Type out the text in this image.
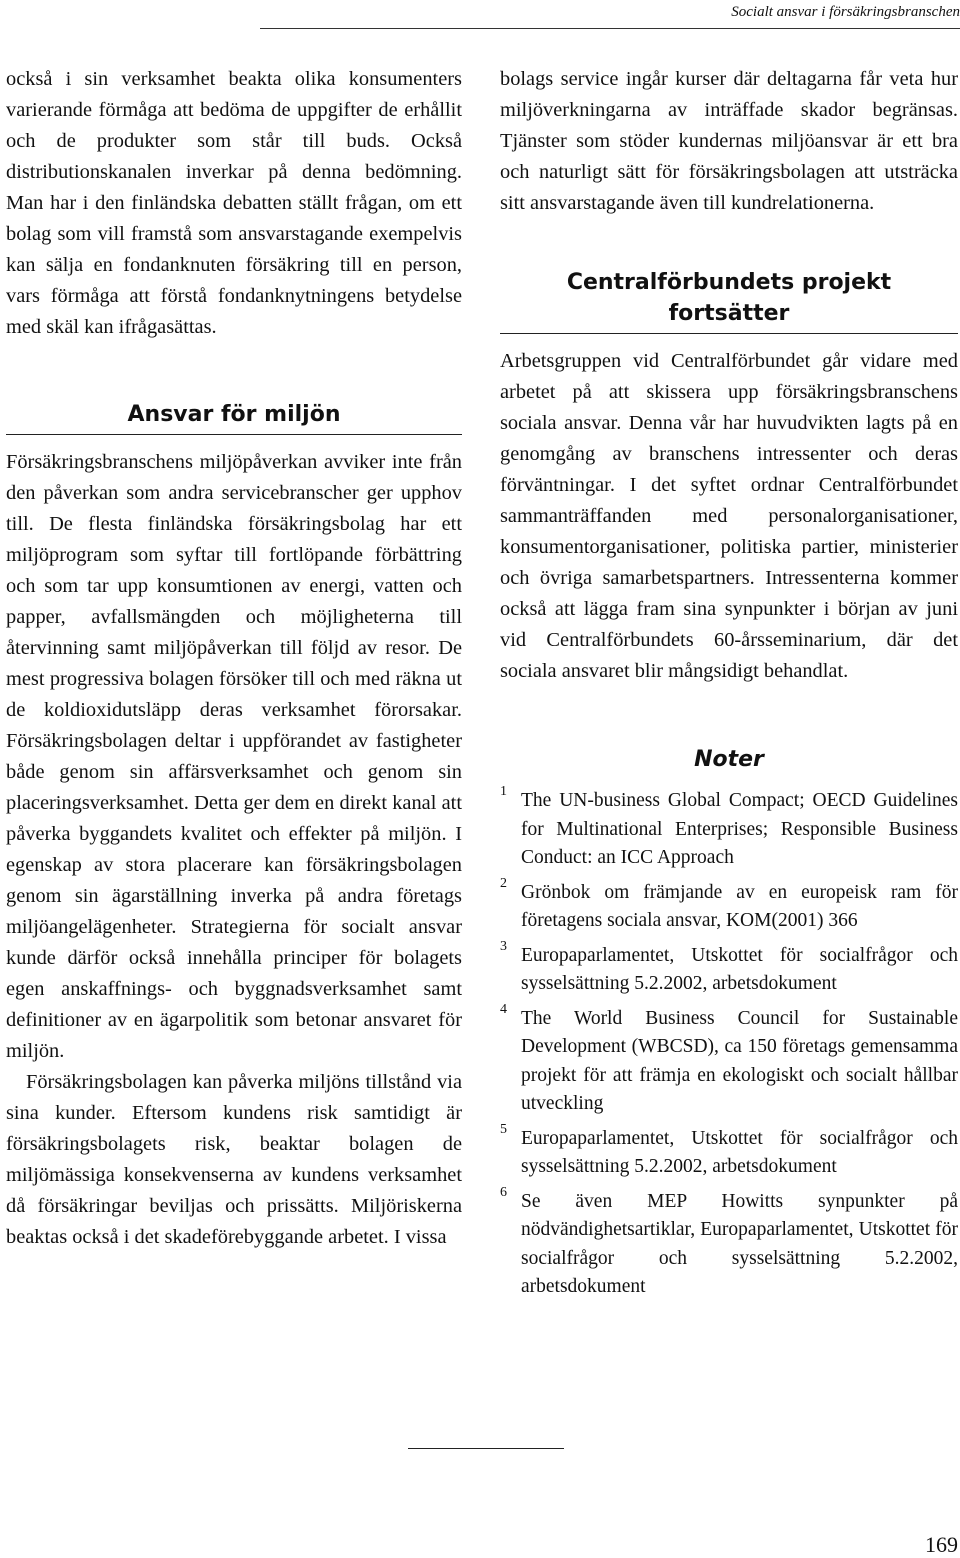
Socialt ansvar i försäkringsbranschen

också i sin verksamhet beakta olika konsumenters varierande förmåga att bedöma de uppgifter de erhållit och de produkter som står till buds. Också distributionskanalen inverkar på denna bedömning. Man har i den finländska debatten ställt frågan, om ett bolag som vill framstå som ansvarstagande exempelvis kan sälja en fondanknuten försäkring till en person, vars förmåga att förstå fondanknytningens betydelse med skäl kan ifrågasättas.

Ansvar för miljön

Försäkringsbranschens miljöpåverkan avviker inte från den påverkan som andra servicebranscher ger upphov till. De flesta finländska försäkringsbolag har ett miljöprogram som syftar till fortlöpande förbättring och som tar upp konsumtionen av energi, vatten och papper, avfallsmängden och möjligheterna till återvinning samt miljöpåverkan till följd av resor. De mest progressiva bolagen försöker till och med räkna ut de koldioxidutsläpp deras verksamhet förorsakar. Försäkringsbolagen deltar i uppförandet av fastigheter både genom sin affärsverksamhet och genom sin placeringsverksamhet. Detta ger dem en direkt kanal att påverka byggandets kvalitet och effekter på miljön. I egenskap av stora placerare kan försäkringsbolagen genom sin ägarställning inverka på andra företags miljöangelägenheter. Strategierna för socialt ansvar kunde därför också innehålla principer för bolagets egen anskaffnings- och byggnadsverksamhet samt definitioner av en ägarpolitik som betonar ansvaret för miljön.

Försäkringsbolagen kan påverka miljöns tillstånd via sina kunder. Eftersom kundens risk samtidigt är försäkringsbolagets risk, beaktar bolagen de miljömässiga konsekvenserna av kundens verksamhet då försäkringar beviljas och prissätts. Miljöriskerna beaktas också i det skadeförebyggande arbetet. I vissa

bolags service ingår kurser där deltagarna får veta hur miljöverkningarna av inträffade skador begränsas. Tjänster som stöder kundernas miljöansvar är ett bra och naturligt sätt för försäkringsbolagen att utsträcka sitt ansvarstagande även till kundrelationerna.

Centralförbundets projekt
fortsätter

Arbetsgruppen vid Centralförbundet går vidare med arbetet på att skissera upp försäkringsbranschens sociala ansvar. Denna vår har huvudvikten lagts på en genomgång av branschens intressenter och deras förväntningar. I det syftet ordnar Centralförbundet sammanträffanden med personalorganisationer, konsumentorganisationer, politiska partier, ministerier och övriga samarbetspartners. Intressenterna kommer också att lägga fram sina synpunkter i början av juni vid Centralförbundets 60-årsseminarium, där det sociala ansvaret blir mångsidigt behandlat.

Noter
1 The UN-business Global Compact; OECD Guidelines for Multinational Enterprises; Responsible Business Conduct: an ICC Approach
2 Grönbok om främjande av en europeisk ram för företagens sociala ansvar, KOM(2001) 366
3 Europaparlamentet, Utskottet för socialfrågor och sysselsättning 5.2.2002, arbetsdokument
4 The World Business Council for Sustainable Development (WBCSD), ca 150 företags gemensamma projekt för att främja en ekologiskt och socialt hållbar utveckling
5 Europaparlamentet, Utskottet för socialfrågor och sysselsättning 5.2.2002, arbetsdokument
6 Se även MEP Howitts synpunkter på nödvändighetsartiklar, Europaparlamentet, Utskottet för socialfrågor och sysselsättning 5.2.2002, arbetsdokument
169
